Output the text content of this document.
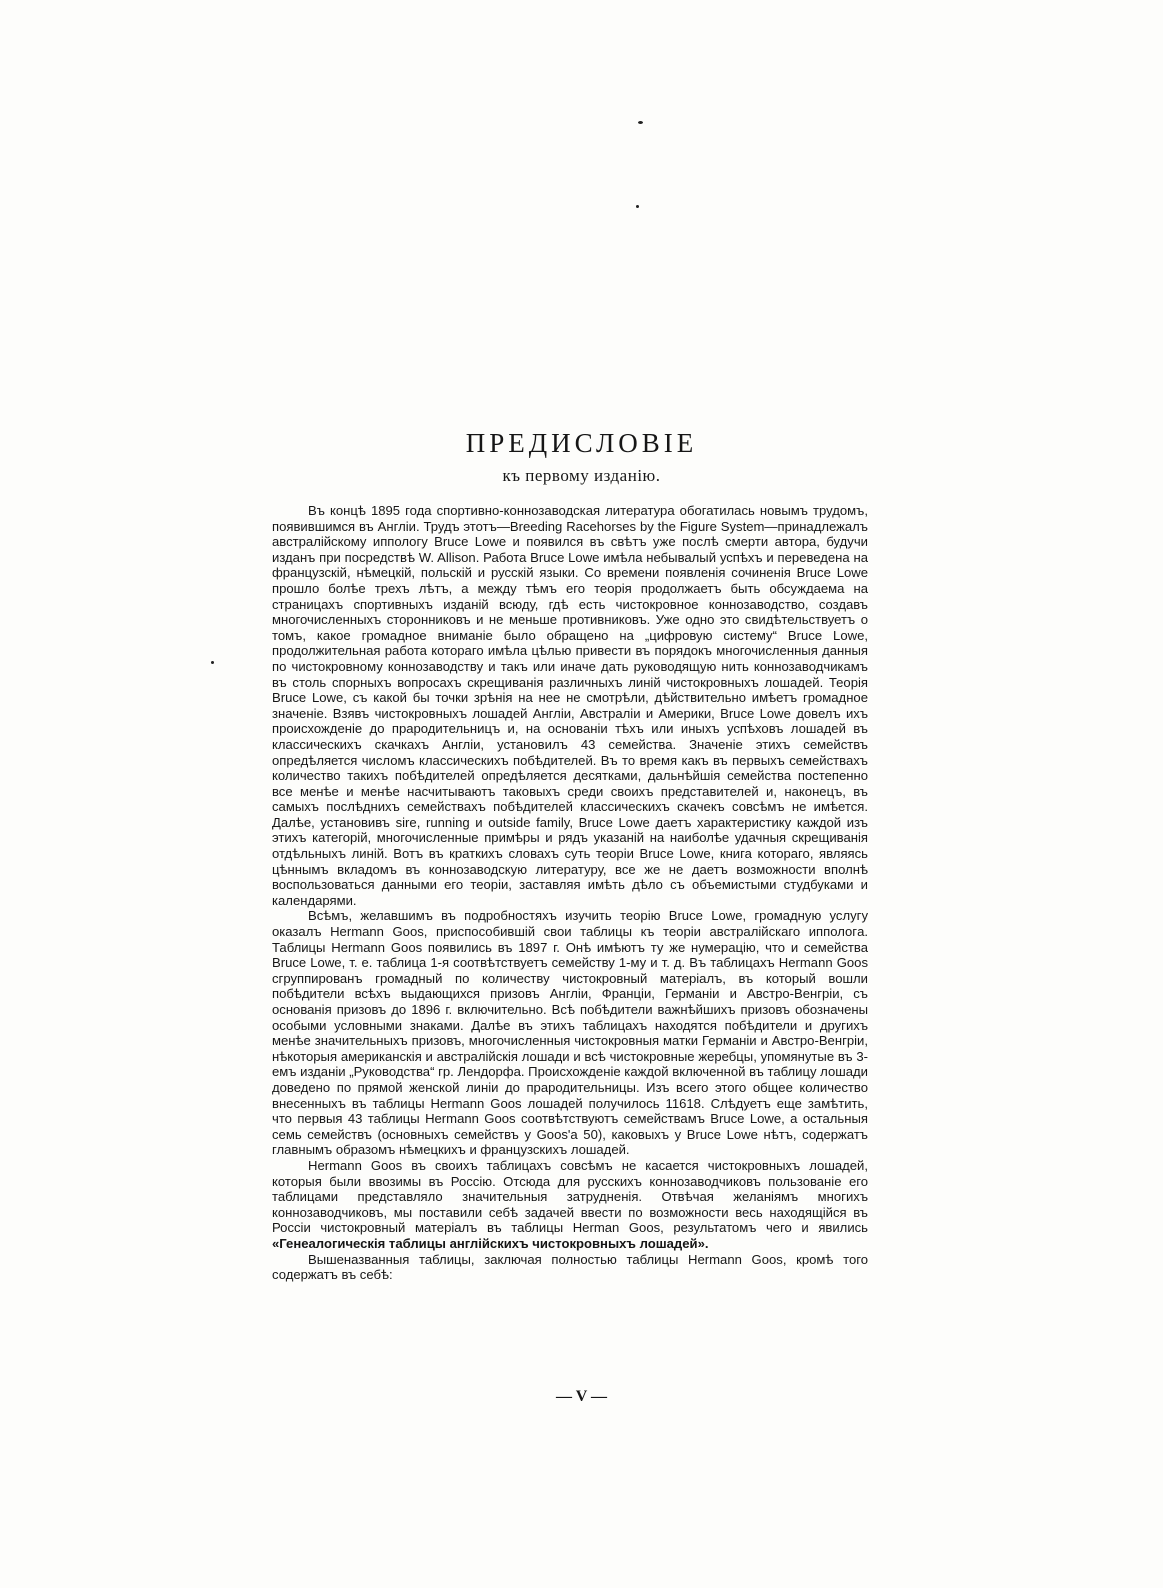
ПРЕДИСЛОВІЕ
къ первому изданію.

Въ концѣ 1895 года спортивно-коннозаводская литература обогатилась новымъ трудомъ, появившимся въ Англіи. Трудъ этотъ—Breeding Racehorses by the Figure System—принадлежалъ австралійскому иппологу Bruce Lowe и появился въ свѣтъ уже послѣ смерти автора, будучи изданъ при посредствѣ W. Allison. Работа Bruce Lowe имѣла небывалый успѣхъ и переведена на французскій, нѣмецкій, польскій и русскій языки. Со времени появленія сочиненія Bruce Lowe прошло болѣе трехъ лѣтъ, а между тѣмъ его теорія продолжаетъ быть обсуждаема на страницахъ спортивныхъ изданій всюду, гдѣ есть чистокровное коннозаводство, создавъ многочисленныхъ сторонниковъ и не меньше противниковъ. Уже одно это свидѣтельствуетъ о томъ, какое громадное вниманіе было обращено на „цифровую систему“ Bruce Lowe, продолжительная работа котораго имѣла цѣлью привести въ порядокъ многочисленныя данныя по чистокровному коннозаводству и такъ или иначе дать руководящую нить коннозаводчикамъ въ столь спорныхъ вопросахъ скрещиванія различныхъ линій чистокровныхъ лошадей. Теорія Bruce Lowe, съ какой бы точки зрѣнія на нее не смотрѣли, дѣйствительно имѣетъ громадное значеніе. Взявъ чистокровныхъ лошадей Англіи, Австраліи и Америки, Bruce Lowe довелъ ихъ происхожденіе до прародительницъ и, на основаніи тѣхъ или иныхъ успѣховъ лошадей въ классическихъ скачкахъ Англіи, установилъ 43 семейства. Значеніе этихъ семействъ опредѣляется числомъ классическихъ побѣдителей. Въ то время какъ въ первыхъ семействахъ количество такихъ побѣдителей опредѣляется десятками, дальнѣйшія семейства постепенно все менѣе и менѣе насчитываютъ таковыхъ среди своихъ представителей и, наконецъ, въ самыхъ послѣднихъ семействахъ побѣдителей классическихъ скачекъ совсѣмъ не имѣется. Далѣе, установивъ sire, running и outside family, Bruce Lowe даетъ характеристику каждой изъ этихъ категорій, многочисленные примѣры и рядъ указаній на наиболѣе удачныя скрещиванія отдѣльныхъ линій. Вотъ въ краткихъ словахъ суть теоріи Bruce Lowe, книга котораго, являясь цѣннымъ вкладомъ въ коннозаводскую литературу, все же не даетъ возможности вполнѣ воспользоваться данными его теоріи, заставляя имѣть дѣло съ объемистыми студбуками и календарями.

Всѣмъ, желавшимъ въ подробностяхъ изучить теорію Bruce Lowe, громадную услугу оказалъ Hermann Goos, приспособившій свои таблицы къ теоріи австралійскаго иппологa. Таблицы Hermann Goos появились въ 1897 г. Онѣ имѣютъ ту же нумерацію, что и семейства Bruce Lowe, т. е. таблица 1-я соотвѣтствуетъ семейству 1-му и т. д. Въ таблицахъ Hermann Goos сгруппированъ громадный по количеству чистокровный матеріалъ, въ который вошли побѣдители всѣхъ выдающихся призовъ Англіи, Франціи, Германіи и Австро-Венгріи, съ основанія призовъ до 1896 г. включительно. Всѣ побѣдители важнѣйшихъ призовъ обозначены особыми условными знаками. Далѣе въ этихъ таблицахъ находятся побѣдители и другихъ менѣе значительныхъ призовъ, многочисленныя чистокровныя матки Германіи и Австро-Венгріи, нѣкоторыя американскія и австралійскія лошади и всѣ чистокровные жеребцы, упомянутые въ 3-емъ изданіи „Руководства“ гр. Лендорфа. Происхожденіе каждой включенной въ таблицу лошади доведено по прямой женской линіи до прародительницы. Изъ всего этого общее количество внесенныхъ въ таблицы Hermann Goos лошадей получилось 11618. Слѣдуетъ еще замѣтить, что первыя 43 таблицы Hermann Goos соотвѣтствуютъ семействамъ Bruce Lowe, а остальныя семь семействъ (основныхъ семействъ у Goos'а 50), каковыхъ у Bruce Lowe нѣтъ, содержатъ главнымъ образомъ нѣмецкихъ и французскихъ лошадей.

Hermann Goos въ своихъ таблицахъ совсѣмъ не касается чистокровныхъ лошадей, которыя были ввозимы въ Россію. Отсюда для русскихъ коннозаводчиковъ пользованіе его таблицами представляло значительныя затрудненія. Отвѣчая желаніямъ многихъ коннозаводчиковъ, мы поставили себѣ задачей ввести по возможности весь находящійся въ Россіи чистокровный матеріалъ въ таблицы Herman Goos, результатомъ чего и явились «Генеалогическія таблицы англійскихъ чистокровныхъ лошадей».

Вышеназванныя таблицы, заключая полностью таблицы Hermann Goos, кромѣ того содержатъ въ себѣ:

— V —
